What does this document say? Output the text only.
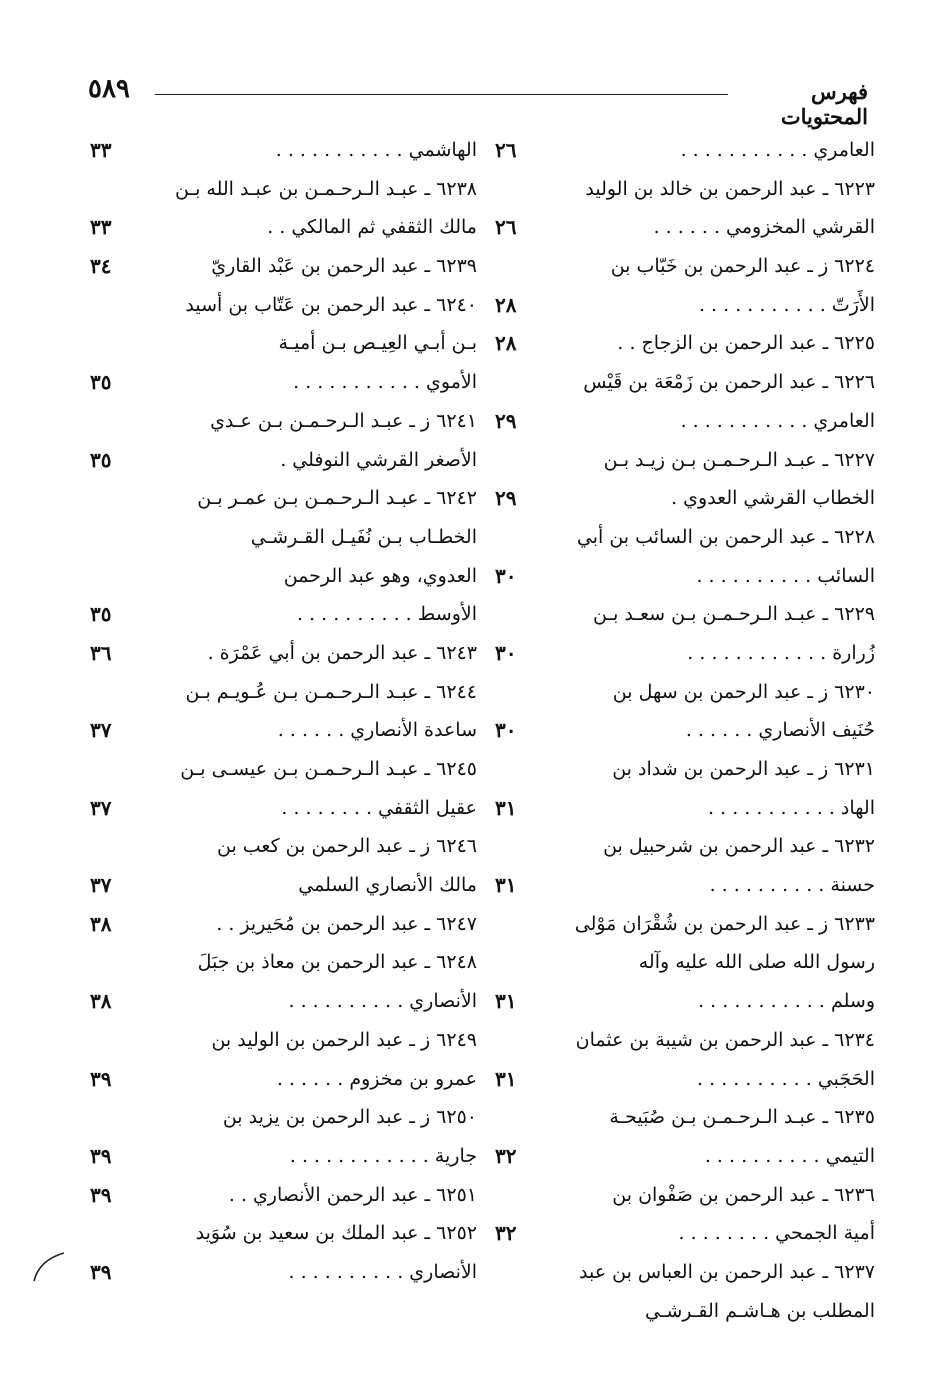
فهرس المحتويات
٥٨٩
العامري . . . . . . . . . . .
٢٦
٦٢٢٣ ـ عبد الرحمن بن خالد بن الوليد
القرشي المخزومي . . . . . .
٢٦
٦٢٢٤ ز ـ عبد الرحمن بن خَبّاب بن
الأَرَتّ . . . . . . . . . . .
٢٨
٦٢٢٥ ـ عبد الرحمن بن الزجاج . .
٢٨
٦٢٢٦ ـ عبد الرحمن بن زَمْعَة بن قَيْس
العامري . . . . . . . . . . .
٢٩
٦٢٢٧ ـ عبـد الـرحـمـن بـن زيـد بـن
الخطاب القرشي العدوي .
٢٩
٦٢٢٨ ـ عبد الرحمن بن السائب بن أبي
السائب . . . . . . . . . .
٣٠
٦٢٢٩ ـ عبـد الـرحـمـن بـن سعـد بـن
زُرارة . . . . . . . . . . . .
٣٠
٦٢٣٠ ز ـ عبد الرحمن بن سهل بن
حُنَيف الأنصاري . . . . . .
٣٠
٦٢٣١ ز ـ عبد الرحمن بن شداد بن
الهاد . . . . . . . . . . .
٣١
٦٢٣٢ ـ عبد الرحمن بن شرحبيل بن
حسنة . . . . . . . . . .
٣١
٦٢٣٣ ز ـ عبد الرحمن بن شُقْرَان مَوْلى
رسول الله صلى الله عليه وآله
وسلم . . . . . . . . . . .
٣١
٦٢٣٤ ـ عبد الرحمن بن شيبة بن عثمان
الحَجَبي . . . . . . . . . .
٣١
٦٢٣٥ ـ عبـد الـرحـمـن بـن صُبَيحـة
التيمي . . . . . . . . . .
٣٢
٦٢٣٦ ـ عبد الرحمن بن صَفْوان بن
أمية الجمحي . . . . . . . .
٣٢
٦٢٣٧ ـ عبد الرحمن بن العباس بن عبد
المطلب بن هـاشـم القـرشـي
الهاشمي . . . . . . . . . . .
٣٣
٦٢٣٨ ـ عبـد الـرحـمـن بن عبـد الله بـن
مالك الثقفي ثم المالكي . .
٣٣
٦٢٣٩ ـ عبد الرحمن بن عَبْد القاريّ
٣٤
٦٢٤٠ ـ عبد الرحمن بن عَتّاب بن أسيد
بـن أبـي العِيـص بـن أميـة
الأموي . . . . . . . . . . .
٣٥
٦٢٤١ ز ـ عبـد الـرحـمـن بـن عـدي
الأصغر القرشي النوفلي .
٣٥
٦٢٤٢ ـ عبـد الـرحـمـن بـن عمـر بـن
الخطـاب بـن نُفَيـل القـرشـي
العدوي، وهو عبد الرحمن
الأوسط . . . . . . . . . .
٣٥
٦٢٤٣ ـ عبد الرحمن بن أبي عَمْرَة .
٣٦
٦٢٤٤ ـ عبـد الـرحـمـن بـن عُـويـم بـن
ساعدة الأنصاري . . . . . .
٣٧
٦٢٤٥ ـ عبـد الـرحـمـن بـن عيسـى بـن
عقيل الثقفي . . . . . . . .
٣٧
٦٢٤٦ ز ـ عبد الرحمن بن كعب بن
مالك الأنصاري السلمي
٣٧
٦٢٤٧ ـ عبد الرحمن بن مُحَيريز . .
٣٨
٦٢٤٨ ـ عبد الرحمن بن معاذ بن جبَلَ
الأنصاري . . . . . . . . . .
٣٨
٦٢٤٩ ز ـ عبد الرحمن بن الوليد بن
عمرو بن مخزوم . . . . . .
٣٩
٦٢٥٠ ز ـ عبد الرحمن بن يزيد بن
جارية . . . . . . . . . . . .
٣٩
٦٢٥١ ـ عبد الرحمن الأنصاري . .
٣٩
٦٢٥٢ ـ عبد الملك بن سعيد بن سُوَيد
الأنصاري . . . . . . . . . .
٣٩
